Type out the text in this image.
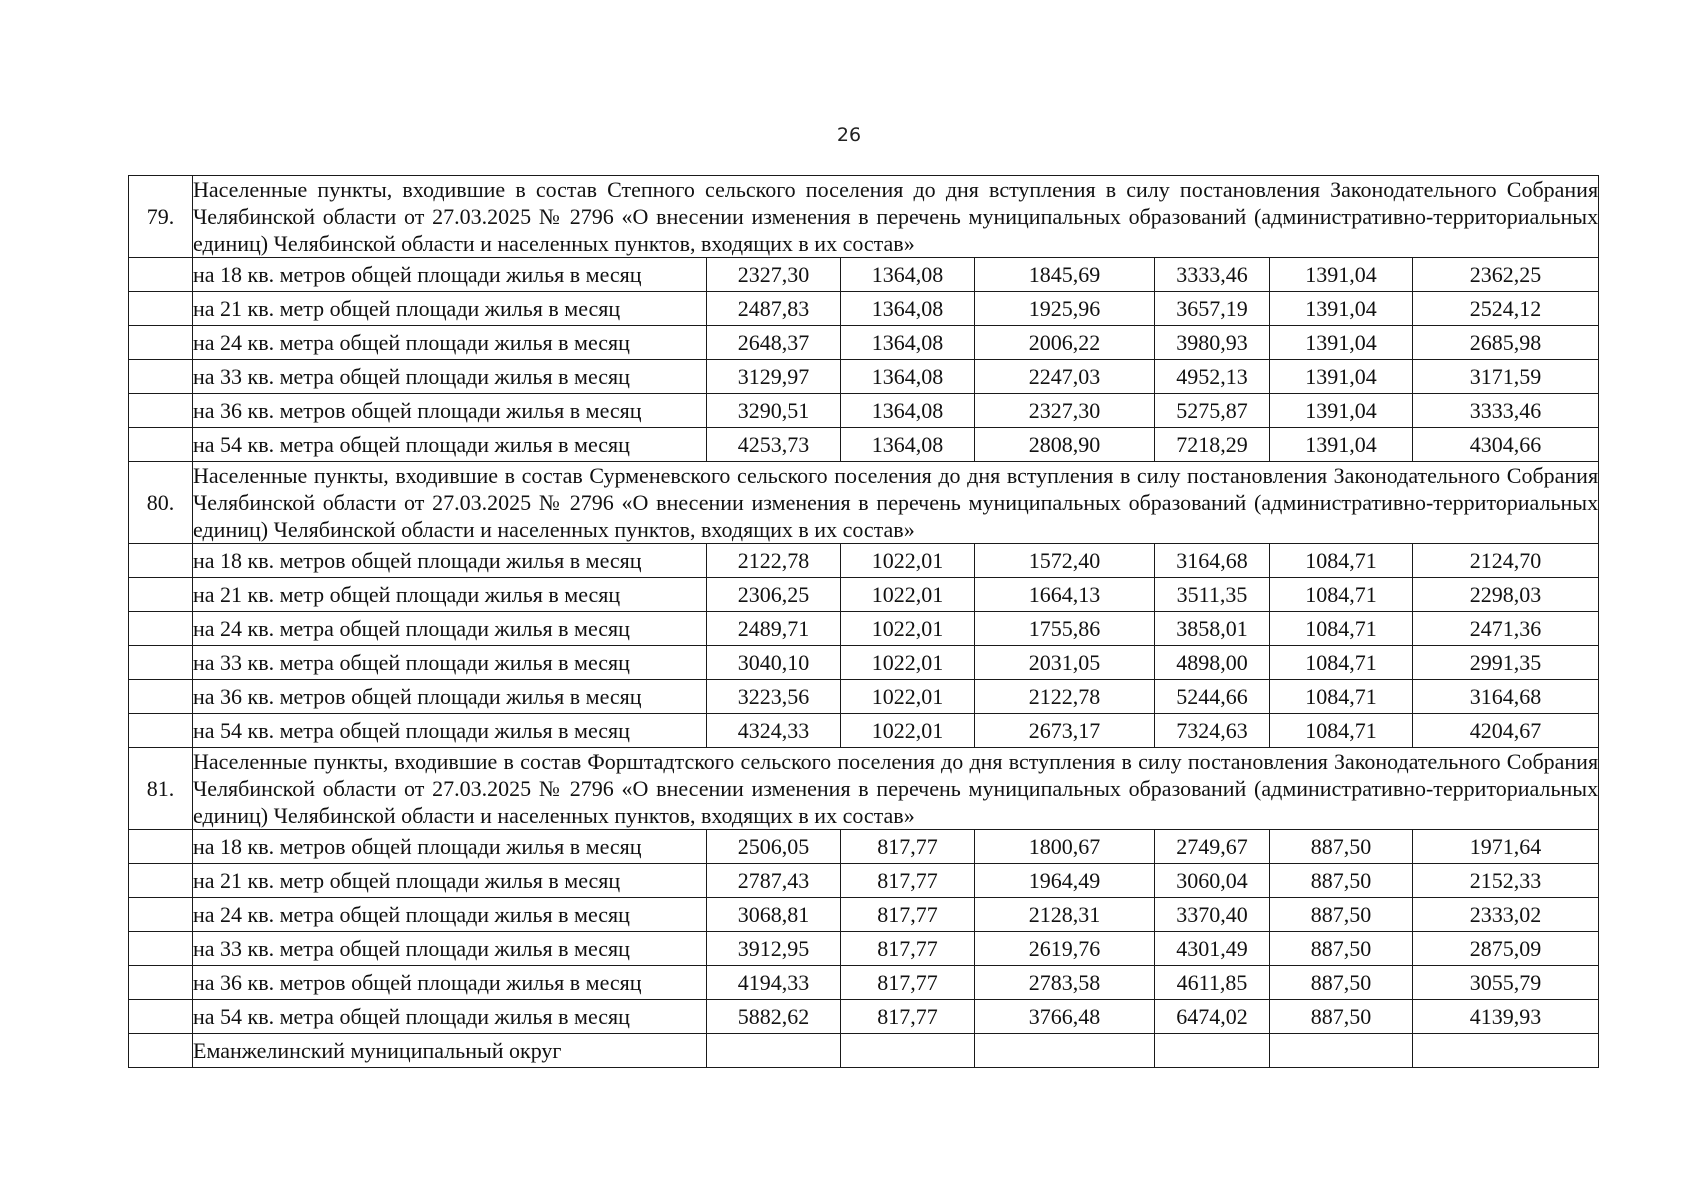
26
79.	Населенные пункты, входившие в состав Степного сельского поселения до дня вступления в силу постановления Законодательного Собрания Челябинской области от 27.03.2025 № 2796 «О внесении изменения в перечень муниципальных образований (административно-территориальных единиц) Челябинской области и населенных пунктов, входящих в их состав»						
	на 18 кв. метров общей площади жилья в месяц	2327,30	1364,08	1845,69	3333,46	1391,04	2362,25
	на 21 кв. метр общей площади жилья в месяц	2487,83	1364,08	1925,96	3657,19	1391,04	2524,12
	на 24 кв. метра общей площади жилья в месяц	2648,37	1364,08	2006,22	3980,93	1391,04	2685,98
	на 33 кв. метра общей площади жилья в месяц	3129,97	1364,08	2247,03	4952,13	1391,04	3171,59
	на 36 кв. метров общей площади жилья в месяц	3290,51	1364,08	2327,30	5275,87	1391,04	3333,46
	на 54 кв. метра общей площади жилья в месяц	4253,73	1364,08	2808,90	7218,29	1391,04	4304,66
80.	Населенные пункты, входившие в состав Сурменевского сельского поселения до дня вступления в силу постановления Законодательного Собрания Челябинской области от 27.03.2025 № 2796 «О внесении изменения в перечень муниципальных образований (административно-территориальных единиц) Челябинской области и населенных пунктов, входящих в их состав»						
	на 18 кв. метров общей площади жилья в месяц	2122,78	1022,01	1572,40	3164,68	1084,71	2124,70
	на 21 кв. метр общей площади жилья в месяц	2306,25	1022,01	1664,13	3511,35	1084,71	2298,03
	на 24 кв. метра общей площади жилья в месяц	2489,71	1022,01	1755,86	3858,01	1084,71	2471,36
	на 33 кв. метра общей площади жилья в месяц	3040,10	1022,01	2031,05	4898,00	1084,71	2991,35
	на 36 кв. метров общей площади жилья в месяц	3223,56	1022,01	2122,78	5244,66	1084,71	3164,68
	на 54 кв. метра общей площади жилья в месяц	4324,33	1022,01	2673,17	7324,63	1084,71	4204,67
81.	Населенные пункты, входившие в состав Форштадтского сельского поселения до дня вступления в силу постановления Законодательного Собрания Челябинской области от 27.03.2025 № 2796 «О внесении изменения в перечень муниципальных образований (административно-территориальных единиц) Челябинской области и населенных пунктов, входящих в их состав»						
	на 18 кв. метров общей площади жилья в месяц	2506,05	817,77	1800,67	2749,67	887,50	1971,64
	на 21 кв. метр общей площади жилья в месяц	2787,43	817,77	1964,49	3060,04	887,50	2152,33
	на 24 кв. метра общей площади жилья в месяц	3068,81	817,77	2128,31	3370,40	887,50	2333,02
	на 33 кв. метра общей площади жилья в месяц	3912,95	817,77	2619,76	4301,49	887,50	2875,09
	на 36 кв. метров общей площади жилья в месяц	4194,33	817,77	2783,58	4611,85	887,50	3055,79
	на 54 кв. метра общей площади жилья в месяц	5882,62	817,77	3766,48	6474,02	887,50	4139,93
	Еманжелинский муниципальный округ						
